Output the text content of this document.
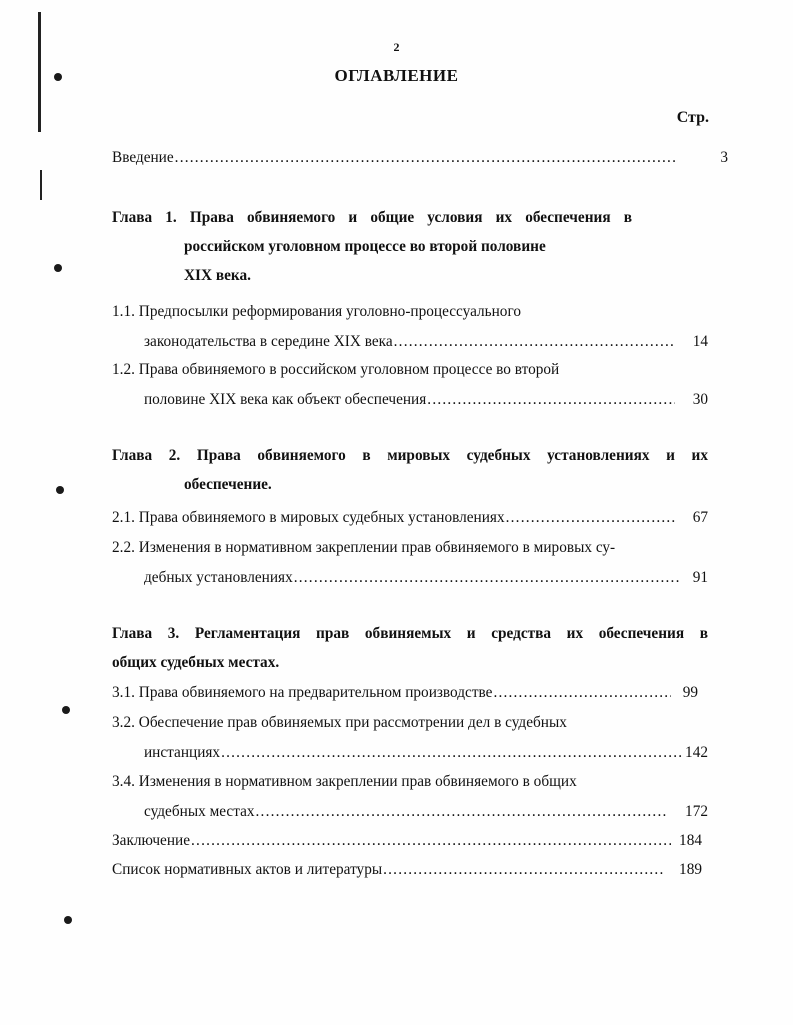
2
ОГЛАВЛЕНИЕ
Стр.
Введение .....	3
Глава 1. Права обвиняемого и общие условия их обеспечения в
российском уголовном процессе во второй половине
XIX века.
1.1. Предпосылки реформирования уголовно-процессуального
законодательства в середине XIX века .....	14
1.2. Права обвиняемого в российском уголовном процессе во второй
половине XIX века как объект обеспечения .....	30
Глава 2. Права обвиняемого в мировых судебных установлениях и их
обеспечение.
2.1. Права обвиняемого в мировых судебных установлениях .....	67
2.2. Изменения в нормативном закреплении прав обвиняемого в мировых су-
дебных установлениях .....	91
Глава 3. Регламентация прав обвиняемых и средства их обеспечения в
общих судебных местах.
3.1. Права обвиняемого на предварительном производстве .....	99
3.2. Обеспечение прав обвиняемых при рассмотрении дел в судебных
инстанциях .....	142
3.4. Изменения в нормативном закреплении прав обвиняемого в общих
судебных местах .....	172
Заключение .....	184
Список нормативных актов и литературы .....	189
